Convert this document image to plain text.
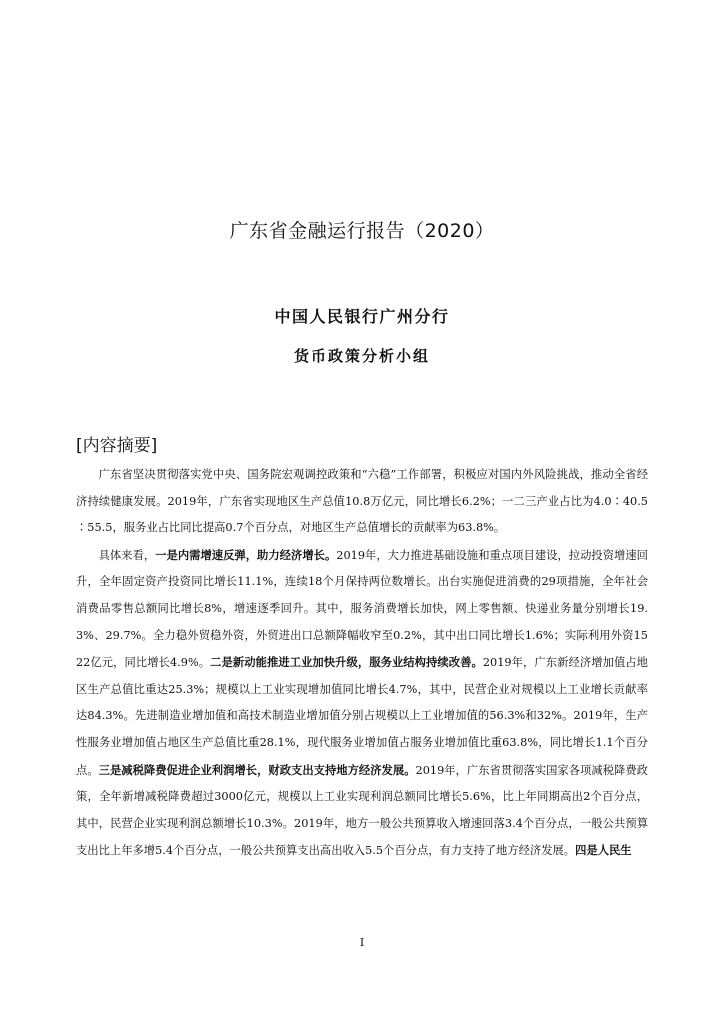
广东省金融运行报告（2020）
中国人民银行广州分行
货币政策分析小组
[内容摘要]

广东省坚决贯彻落实党中央、国务院宏观调控政策和“六稳”工作部署，积极应对国内外风险挑战，推动全省经济持续健康发展。2019年，广东省实现地区生产总值10.8万亿元，同比增长6.2%；一二三产业占比为4.0∶40.5∶55.5，服务业占比同比提高0.7个百分点，对地区生产总值增长的贡献率为63.8%。

具体来看，一是内需增速反弹，助力经济增长。2019年，大力推进基础设施和重点项目建设，拉动投资增速回升，全年固定资产投资同比增长11.1%，连续18个月保持两位数增长。出台实施促进消费的29项措施，全年社会消费品零售总额同比增长8%，增速逐季回升。其中，服务消费增长加快，网上零售额、快递业务量分别增长19.3%、29.7%。全力稳外贸稳外资，外贸进出口总额降幅收窄至0.2%，其中出口同比增长1.6%；实际利用外资1522亿元，同比增长4.9%。二是新动能推进工业加快升级，服务业结构持续改善。2019年，广东新经济增加值占地区生产总值比重达25.3%；规模以上工业实现增加值同比增长4.7%，其中，民营企业对规模以上工业增长贡献率达84.3%。先进制造业增加值和高技术制造业增加值分别占规模以上工业增加值的56.3%和32%。2019年，生产性服务业增加值占地区生产总值比重28.1%，现代服务业增加值占服务业增加值比重63.8%，同比增长1.1个百分点。三是减税降费促进企业利润增长，财政支出支持地方经济发展。2019年，广东省贯彻落实国家各项减税降费政策，全年新增减税降费超过3000亿元，规模以上工业实现利润总额同比增长5.6%，比上年同期高出2个百分点，其中，民营企业实现利润总额增长10.3%。2019年，地方一般公共预算收入增速回落3.4个百分点，一般公共预算支出比上年多增5.4个百分点，一般公共预算支出高出收入5.5个百分点，有力支持了地方经济发展。四是人民生

I
